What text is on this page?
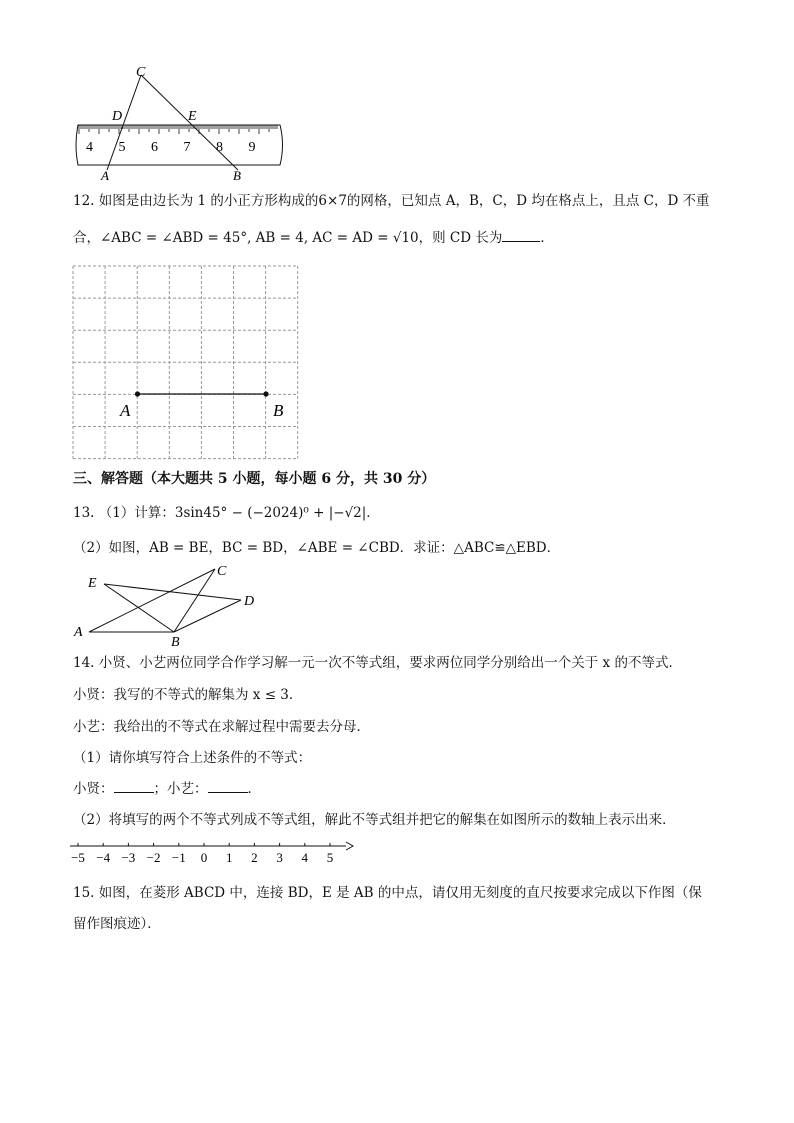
C
D	E
A	B
4 5 6 7 8 9
12. 如图是由边长为 1 的小正方形构成的6×7的网格，已知点 A，B，C，D 均在格点上，且点 C，D 不重
合，∠ABC = ∠ABD = 45°, AB = 4, AC = AD = √10，则 CD 长为	．
A	B
三、解答题（本大题共 5 小题，每小题 6 分，共 30 分）
13. （1）计算：3sin45° − (−2024)⁰ + |−√2|．
（2）如图，AB = BE，BC = BD，∠ABE = ∠CBD．求证：△ABC≌△EBD．
E
C
D
A
B
14. 小贤、小艺两位同学合作学习解一元一次不等式组，要求两位同学分别给出一个关于 x 的不等式．
小贤：我写的不等式的解集为 x ≤ 3．
小艺：我给出的不等式在求解过程中需要去分母．
（1）请你填写符合上述条件的不等式：
小贤：	；小艺：	．
（2）将填写的两个不等式列成不等式组，解此不等式组并把它的解集在如图所示的数轴上表示出来．
−5 −4 −3 −2 −1 0 1 2 3 4 5
15. 如图，在菱形 ABCD 中，连接 BD，E 是 AB 的中点，请仅用无刻度的直尺按要求完成以下作图（保
留作图痕迹）．
